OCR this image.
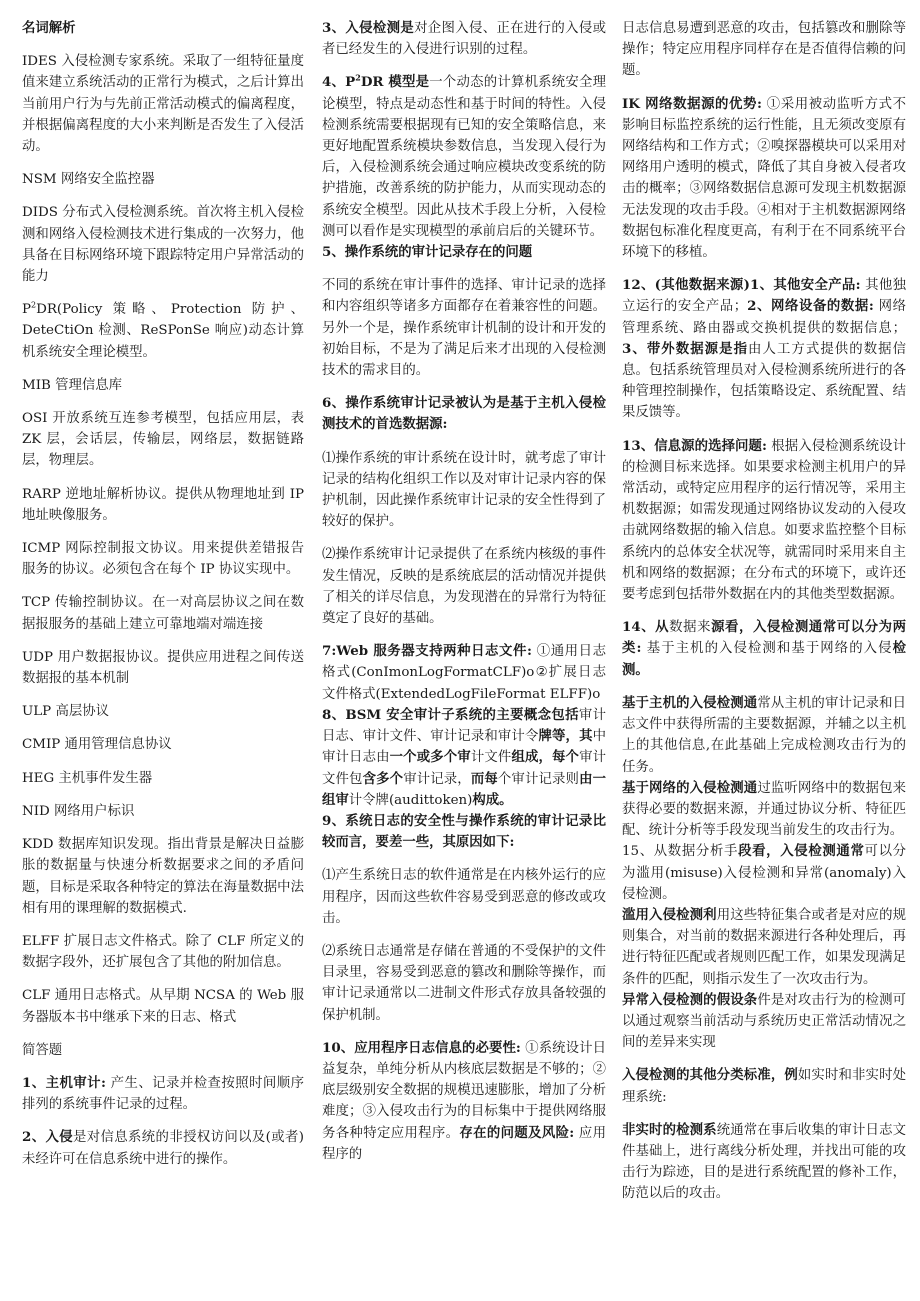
名词解析

IDES 入侵检测专家系统。采取了一组特征量度值来建立系统活动的正常行为模式，之后计算出当前用户行为与先前正常活动模式的偏离程度，并根据偏离程度的大小来判断是否发生了入侵活动。

NSM 网络安全监控器

DIDS 分布式入侵检测系统。首次将主机入侵检测和网络入侵检测技术进行集成的一次努力，他具备在目标网络环境下跟踪特定用户异常活动的能力

$P^2DR(Policy$ 策略、Protection 防护、DeteCtiOn 检测、ReSPonSe 响应)动态计算机系统安全理论模型。

MIB 管理信息库

OSI 开放系统互连参考模型，包括应用层，表 ZK 层，会话层，传输层，网络层，数据链路层，物理层。

RARP 逆地址解析协议。提供从物理地址到 IP 地址映像服务。

ICMP 网际控制报文协议。用来提供差错报告服务的协议。必须包含在每个 IP 协议实现中。

TCP 传输控制协议。在一对高层协议之间在数据报服务的基础上建立可靠地端对端连接

UDP 用户数据报协议。提供应用进程之间传送数据报的基本机制

ULP 高层协议

CMIP 通用管理信息协议

HEG 主机事件发生器

NID 网络用户标识

KDD 数据库知识发现。指出背景是解决日益膨胀的数据量与快速分析数据要求之间的矛盾问题，目标是采取各种特定的算法在海量数据中法相有用的课理解的数据模式.

ELFF 扩展日志文件格式。除了 CLF 所定义的数据字段外，还扩展包含了其他的附加信息。

CLF 通用日志格式。从早期 NCSA 的 Web 服务器版本书中继承下来的日志、格式

简答题

1、主机审计: 产生、记录并检查按照时间顺序排列的系统事件记录的过程。

2、入侵是对信息系统的非授权访问以及(或者)未经许可在信息系统中进行的操作。

3、入侵检测是对企图入侵、正在进行的入侵或者已经发生的入侵进行识别的过程。

4、$P^2DR$ 模型是一个动态的计算机系统安全理论模型，特点是动态性和基于时间的特性。入侵检测系统需要根据现有已知的安全策略信息，来更好地配置系统模块参数信息，当发现入侵行为后，入侵检测系统会通过响应模块改变系统的防护措施，改善系统的防护能力，从而实现动态的系统安全模型。因此从技术手段上分析，入侵检测可以看作是实现模型的承前启后的关键环节。

5、操作系统的审计记录存在的问题

不同的系统在审计事件的选择、审计记录的选择和内容组织等诸多方面都存在着兼容性的问题。另外一个是，操作系统审计机制的设计和开发的初始目标，不是为了满足后来才出现的入侵检测技术的需求目的。

6、操作系统审计记录被认为是基于主机入侵检测技术的首选数据源:

⑴操作系统的审计系统在设计时，就考虑了审计记录的结构化组织工作以及对审计记录内容的保护机制，因此操作系统审计记录的安全性得到了较好的保护。

⑵操作系统审计记录提供了在系统内核级的事件发生情况，反映的是系统底层的活动情况并提供了相关的详尽信息，为发现潜在的异常行为特征奠定了良好的基础。

7:Web 服务器支持两种日志文件: ①通用日志格式(ConImonLogFormatCLF)o②扩展日志文件格式(ExtendedLogFileFormat ELFF)o

8、BSM 安全审计子系统的主要概念包括审计日志、审计文件、审计记录和审计令牌等，其中审计日志由一个或多个审计文件组成，每个审计文件包含多个审计记录，而每个审计记录则由一组审计令牌(audittoken)构成。

9、系统日志的安全性与操作系统的审计记录比较而言，要差一些，其原因如下:

⑴产生系统日志的软件通常是在内核外运行的应用程序，因而这些软件容易受到恶意的修改或攻击。

⑵系统日志通常是存储在普通的不受保护的文件目录里，容易受到恶意的篡改和删除等操作，而审计记录通常以二进制文件形式存放具备较强的保护机制。

10、应用程序日志信息的必要性: ①系统设计日益复杂，单纯分析从内核底层数据是不够的；②底层级别安全数据的规模迅速膨胀，增加了分析难度；③入侵攻击行为的目标集中于提供网络服务各种特定应用程序。存在的问题及风险: 应用程序的

日志信息易遭到恶意的攻击，包括篡改和删除等操作；特定应用程序同样存在是否值得信赖的问题。

IK 网络数据源的优势: ①采用被动监听方式不影响目标监控系统的运行性能，且无须改变原有网络结构和工作方式；②嗅探器模块可以采用对网络用户透明的模式，降低了其自身被入侵者攻击的概率；③网络数据信息源可发现主机数据源无法发现的攻击手段。④相对于主机数据源网络数据包标准化程度更高，有利于在不同系统平台环境下的移植。

12、(其他数据来源)1、其他安全产品: 其他独立运行的安全产品；2、网络设备的数据: 网络管理系统、路由器或交换机提供的数据信息；3、带外数据源是指由人工方式提供的数据信息。包括系统管理员对入侵检测系统所进行的各种管理控制操作，包括策略设定、系统配置、结果反馈等。

13、信息源的选择问题: 根据入侵检测系统设计的检测目标来选择。如果要求检测主机用户的异常活动，或特定应用程序的运行情况等，采用主机数据源；如需发现通过网络协议发动的入侵攻击就网络数据的输入信息。如要求监控整个目标系统内的总体安全状况等，就需同时采用来自主机和网络的数据源；在分布式的环境下，或许还要考虑到包括带外数据在内的其他类型数据源。

14、从数据来源看，入侵检测通常可以分为两类: 基于主机的入侵检测和基于网络的入侵检测。

基于主机的入侵检测通常从主机的审计记录和日志文件中获得所需的主要数据源，并辅之以主机上的其他信息,在此基础上完成检测攻击行为的任务。

基于网络的入侵检测通过监听网络中的数据包来获得必要的数据来源，并通过协议分析、特征匹配、统计分析等手段发现当前发生的攻击行为。

15、从数据分析手段看，入侵检测通常可以分为滥用(misuse)入侵检测和异常(anomaly)入侵检测。

滥用入侵检测利用这些特征集合或者是对应的规则集合，对当前的数据来源进行各种处理后，再进行特征匹配或者规则匹配工作，如果发现满足条件的匹配，则指示发生了一次攻击行为。

异常入侵检测的假设条件是对攻击行为的检测可以通过观察当前活动与系统历史正常活动情况之间的差异来实现

入侵检测的其他分类标准，例如实时和非实时处理系统:

非实时的检测系统通常在事后收集的审计日志文件基础上，进行离线分析处理，并找出可能的攻击行为踪迹，目的是进行系统配置的修补工作，防范以后的攻击。
